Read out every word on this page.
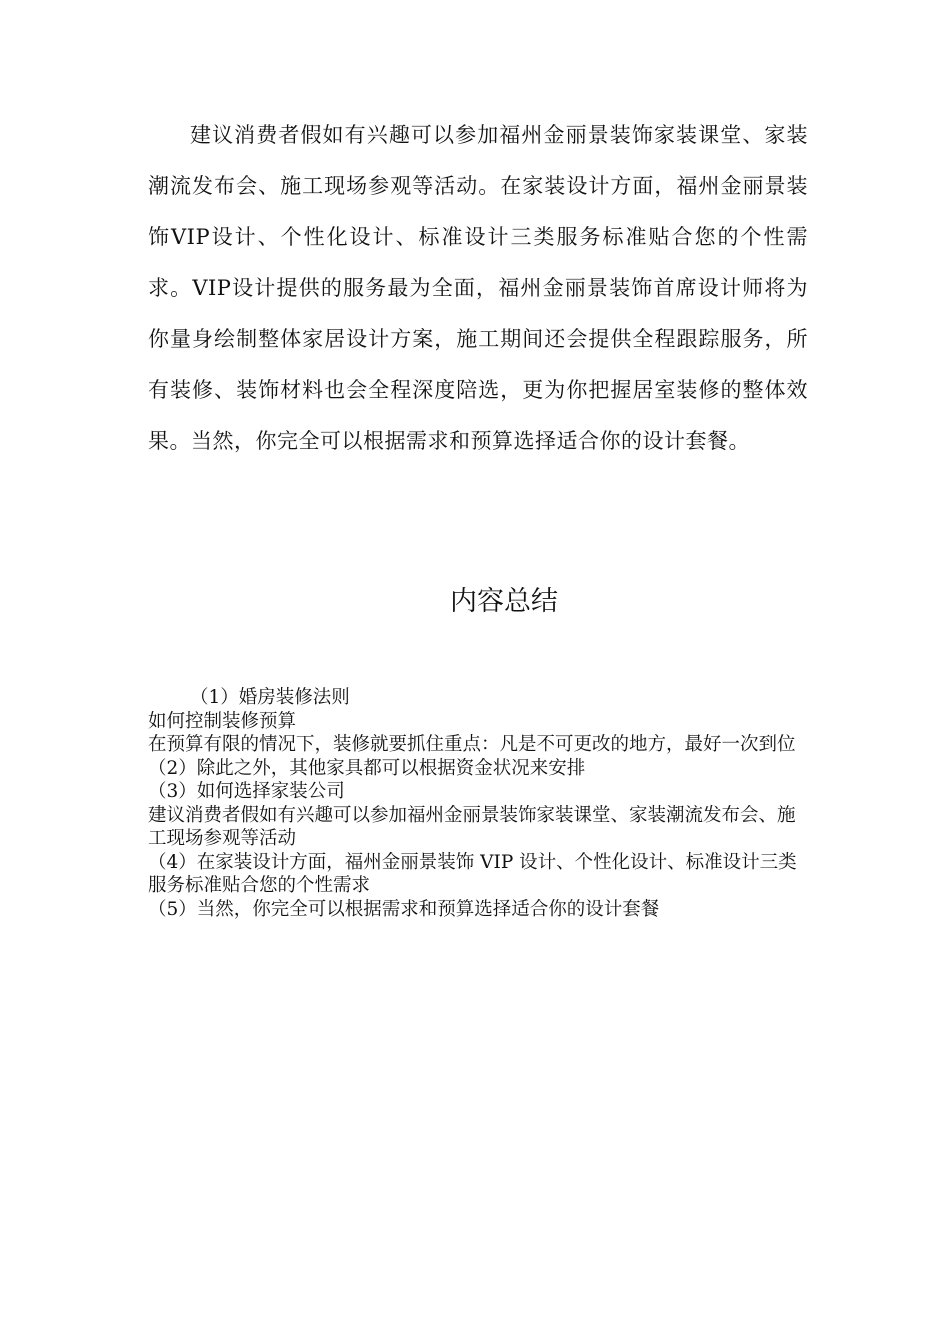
建议消费者假如有兴趣可以参加福州金丽景装饰家装课堂、家装潮流发布会、施工现场参观等活动。在家装设计方面，福州金丽景装饰VIP设计、个性化设计、标准设计三类服务标准贴合您的个性需求。VIP设计提供的服务最为全面，福州金丽景装饰首席设计师将为你量身绘制整体家居设计方案，施工期间还会提供全程跟踪服务，所有装修、装饰材料也会全程深度陪选，更为你把握居室装修的整体效果。当然，你完全可以根据需求和预算选择适合你的设计套餐。

内容总结

（1）婚房装修法则

如何控制装修预算

在预算有限的情况下，装修就要抓住重点：凡是不可更改的地方，最好一次到位

（2）除此之外，其他家具都可以根据资金状况来安排

（3）如何选择家装公司

建议消费者假如有兴趣可以参加福州金丽景装饰家装课堂、家装潮流发布会、施工现场参观等活动

（4）在家装设计方面，福州金丽景装饰 VIP 设计、个性化设计、标准设计三类服务标准贴合您的个性需求

（5）当然，你完全可以根据需求和预算选择适合你的设计套餐
